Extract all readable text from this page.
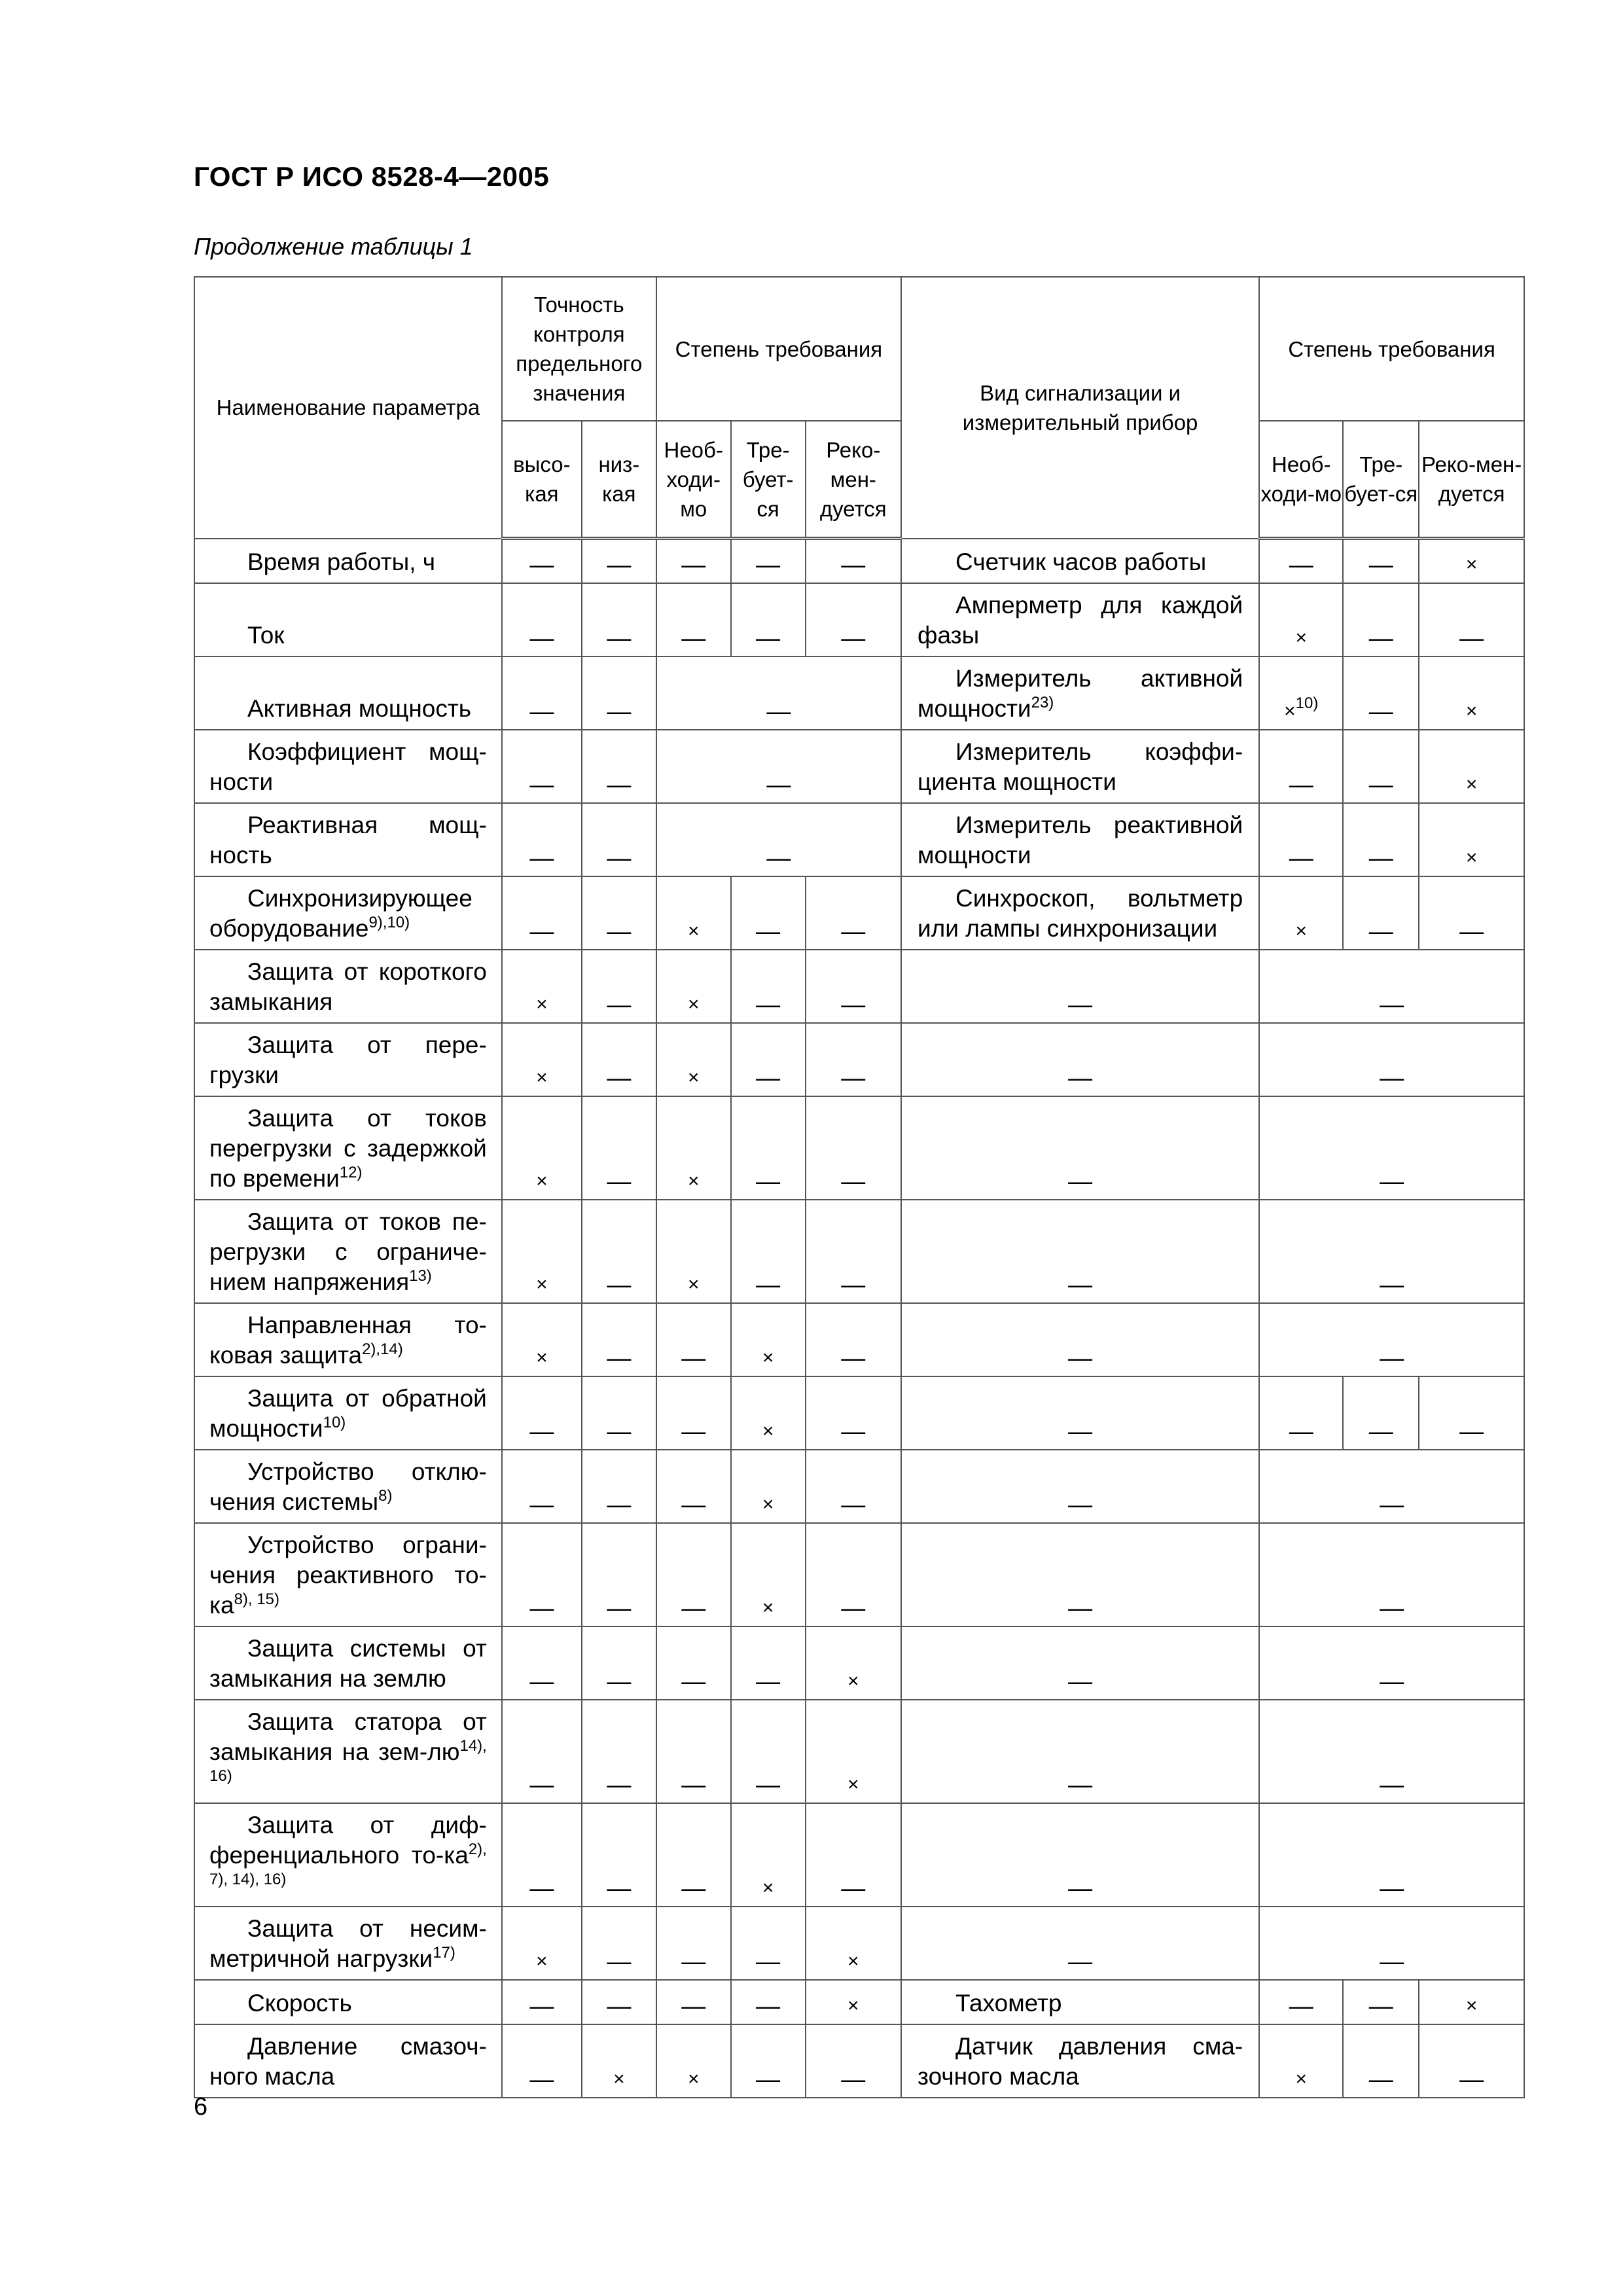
ГОСТ Р ИСО 8528-4—2005
Продолжение таблицы 1
Наименование параметра	Точность контроля предельного значения		Степень требования			Вид сигнализации и измерительный прибор	Степень требования		
	высо-кая	низ-кая	Необ-ходи-мо	Тре-бует-ся	Реко-мен-дуется		Необ-ходи-мо	Тре-бует-ся	Реко-мен-дуется
Время работы, ч	—	—	—	—	—	Счетчик часов работы	—	—	×
Ток	—	—	—	—	—	Амперметр для каждой фазы	×	—	—
Активная мощность	—	—	—			Измеритель активной мощности$^{23)}$	×$^{10)}$	—	×
Коэффициент мощ-ности	—	—	—			Измеритель коэффи-циента мощности	—	—	×
Реактивная мощ-ность	—	—	—			Измеритель реактивной мощности	—	—	×
Синхронизирующее оборудование$^{9),10)}$	—	—	×	—	—	Синхроскоп, вольтметр или лампы синхронизации	×	—	—
Защита от короткого замыкания	×	—	×	—	—	—	—		
Защита от пере-грузки	×	—	×	—	—	—	—		
Защита от токов перегрузки с задержкой по времени$^{12)}$	×	—	×	—	—	—	—		
Защита от токов пе-регрузки с ограниче-нием напряжения$^{13)}$	×	—	×	—	—	—	—		
Направленная то-ковая защита$^{2),14)}$	×	—	—	×	—	—	—		
Защита от обратной мощности$^{10)}$	—	—	—	×	—	—	—	—	—
Устройство отклю-чения системы$^{8)}$	—	—	—	×	—	—	—		
Устройство ограни-чения реактивного $то-ка^{8), 15)}$	—	—	—	×	—	—	—		
Защита системы от замыкания на землю	—	—	—	—	×	—	—		
Защита статора от замыкания на зем-$лю^{14), 16)}$	—	—	—	—	×	—	—		
Защита от диф-ференциального $то-ка^{2), 7), 14), 16)}$	—	—	—	×	—	—	—		
Защита от несим-метричной нагрузки$^{17)}$	×	—	—	—	×	—	—		
Скорость	—	—	—	—	×	Тахометр	—	—	×
Давление смазоч-ного масла	—	×	×	—	—	Датчик давления сма-зочного масла	×	—	—
6
